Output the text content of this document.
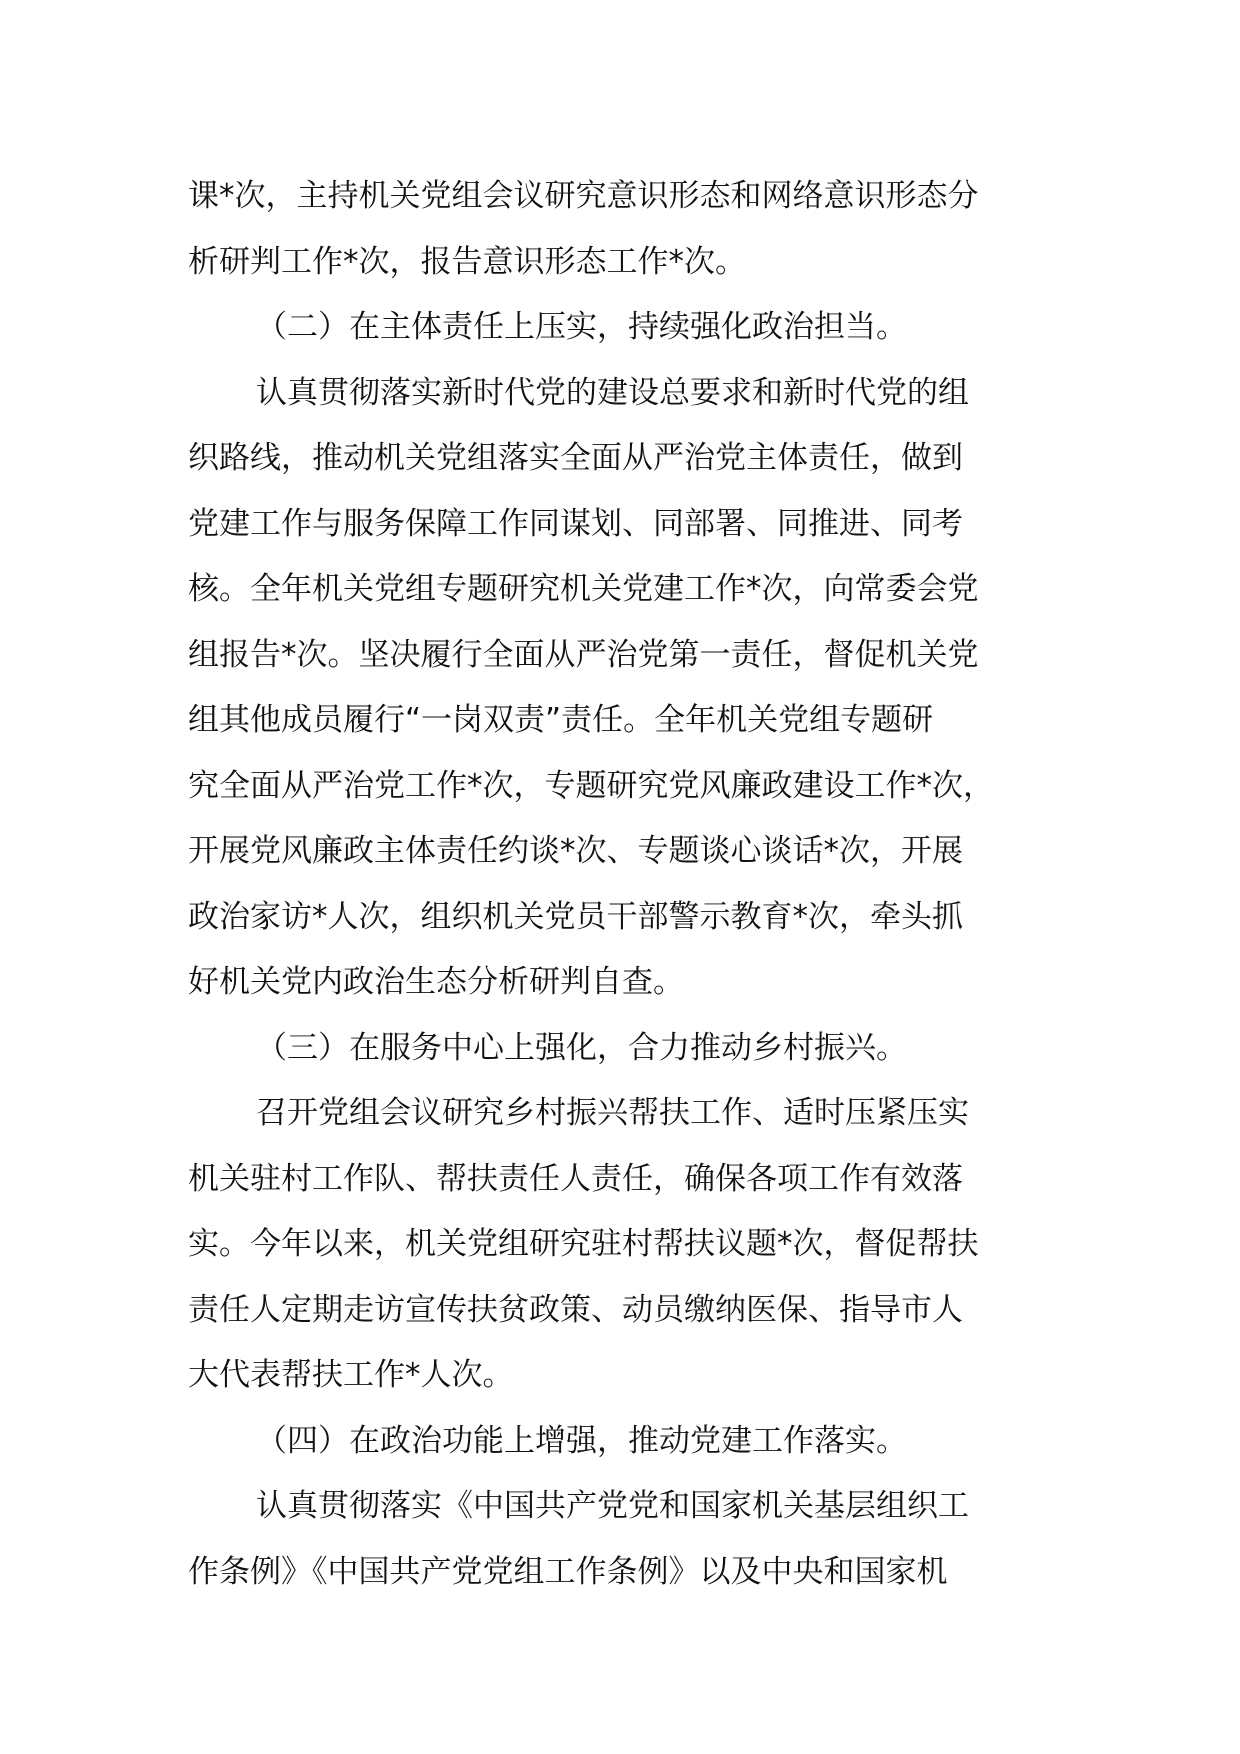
课*次，主持机关党组会议研究意识形态和网络意识形态分
析研判工作*次，报告意识形态工作*次。
（二）在主体责任上压实，持续强化政治担当。
认真贯彻落实新时代党的建设总要求和新时代党的组
织路线，推动机关党组落实全面从严治党主体责任，做到
党建工作与服务保障工作同谋划、同部署、同推进、同考
核。全年机关党组专题研究机关党建工作*次，向常委会党
组报告*次。坚决履行全面从严治党第一责任，督促机关党
组其他成员履行“一岗双责”责任。全年机关党组专题研
究全面从严治党工作*次，专题研究党风廉政建设工作*次，
开展党风廉政主体责任约谈*次、专题谈心谈话*次，开展
政治家访*人次，组织机关党员干部警示教育*次，牵头抓
好机关党内政治生态分析研判自查。
（三）在服务中心上强化，合力推动乡村振兴。
召开党组会议研究乡村振兴帮扶工作、适时压紧压实
机关驻村工作队、帮扶责任人责任，确保各项工作有效落
实。今年以来，机关党组研究驻村帮扶议题*次，督促帮扶
责任人定期走访宣传扶贫政策、动员缴纳医保、指导市人
大代表帮扶工作*人次。
（四）在政治功能上增强，推动党建工作落实。
认真贯彻落实《中国共产党党和国家机关基层组织工
作条例》《中国共产党党组工作条例》以及中央和国家机
